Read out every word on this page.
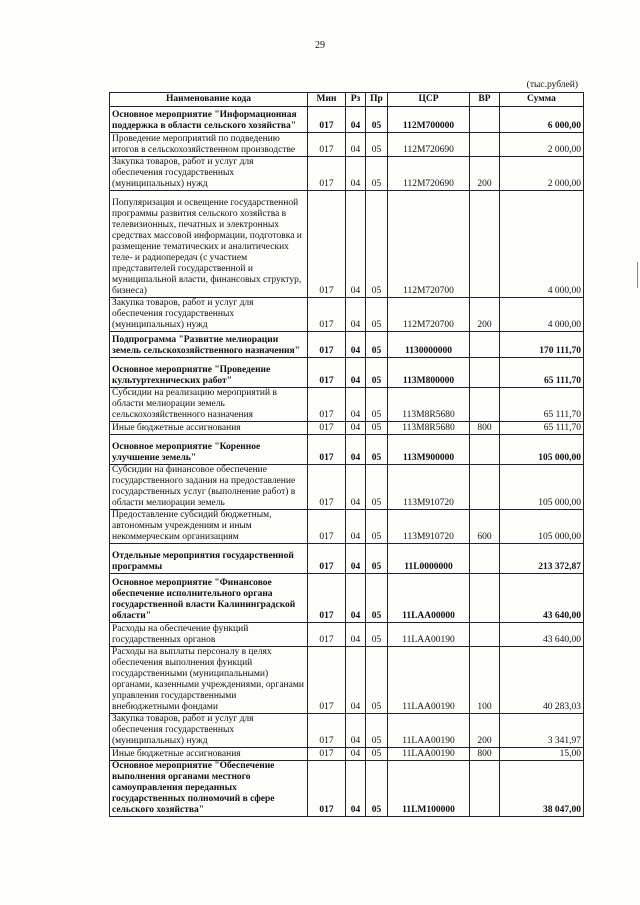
29
(тыс.рублей)
Наименование кода	Мин	Рз	Пр	ЦСР	ВР	Сумма
Основное мероприятие "Информационная поддержка в области сельского хозяйства"	017	04	05	112М700000		6 000,00
Проведение мероприятий по подведению итогов в сельскохозяйственном производстве	017	04	05	112М720690		2 000,00
Закупка товаров, работ и услуг для обеспечения государственных (муниципальных) нужд	017	04	05	112М720690	200	2 000,00
Популяризация и освещение государственной программы развития сельского хозяйства в телевизионных, печатных и электронных средствах массовой информации, подготовка и размещение тематических и аналитических теле- и радиопередач (с участием представителей государственной и муниципальной власти, финансовых структур, бизнеса)	017	04	05	112М720700		4 000,00
Закупка товаров, работ и услуг для обеспечения государственных (муниципальных) нужд	017	04	05	112М720700	200	4 000,00
Подпрограмма "Развитие мелиорации земель сельскохозяйственного назначения"	017	04	05	1130000000		170 111,70
Основное мероприятие "Проведение культуртехнических работ"	017	04	05	113М800000		65 111,70
Субсидии на реализацию мероприятий в области мелиорации земель сельскохозяйственного назначения	017	04	05	113М8R5680		65 111,70
Иные бюджетные ассигнования	017	04	05	113М8R5680	800	65 111,70
Основное мероприятие "Коренное улучшение земель"	017	04	05	113М900000		105 000,00
Субсидии на финансовое обеспечение государственного задания на предоставление государственных услуг (выполнение работ) в области мелиорации земель	017	04	05	113М910720		105 000,00
Предоставление субсидий бюджетным, автономным учреждениям и иным некоммерческим организациям	017	04	05	113М910720	600	105 000,00
Отдельные мероприятия государственной программы	017	04	05	11L0000000		213 372,87
Основное мероприятие "Финансовое обеспечение исполнительного органа государственной власти Калининградской области"	017	04	05	11LАА00000		43 640,00
Расходы на обеспечение функций государственных органов	017	04	05	11LАА00190		43 640,00
Расходы на выплаты персоналу в целях обеспечения выполнения функций государственными (муниципальными) органами, казенными учреждениями, органами управления государственными внебюджетными фондами	017	04	05	11LАА00190	100	40 283,03
Закупка товаров, работ и услуг для обеспечения государственных (муниципальных) нужд	017	04	05	11LАА00190	200	3 341,97
Иные бюджетные ассигнования	017	04	05	11LАА00190	800	15,00
Основное мероприятие "Обеспечение выполнения органами местного самоуправления переданных государственных полномочий в сфере сельского хозяйства"	017	04	05	11LМ100000		38 047,00
